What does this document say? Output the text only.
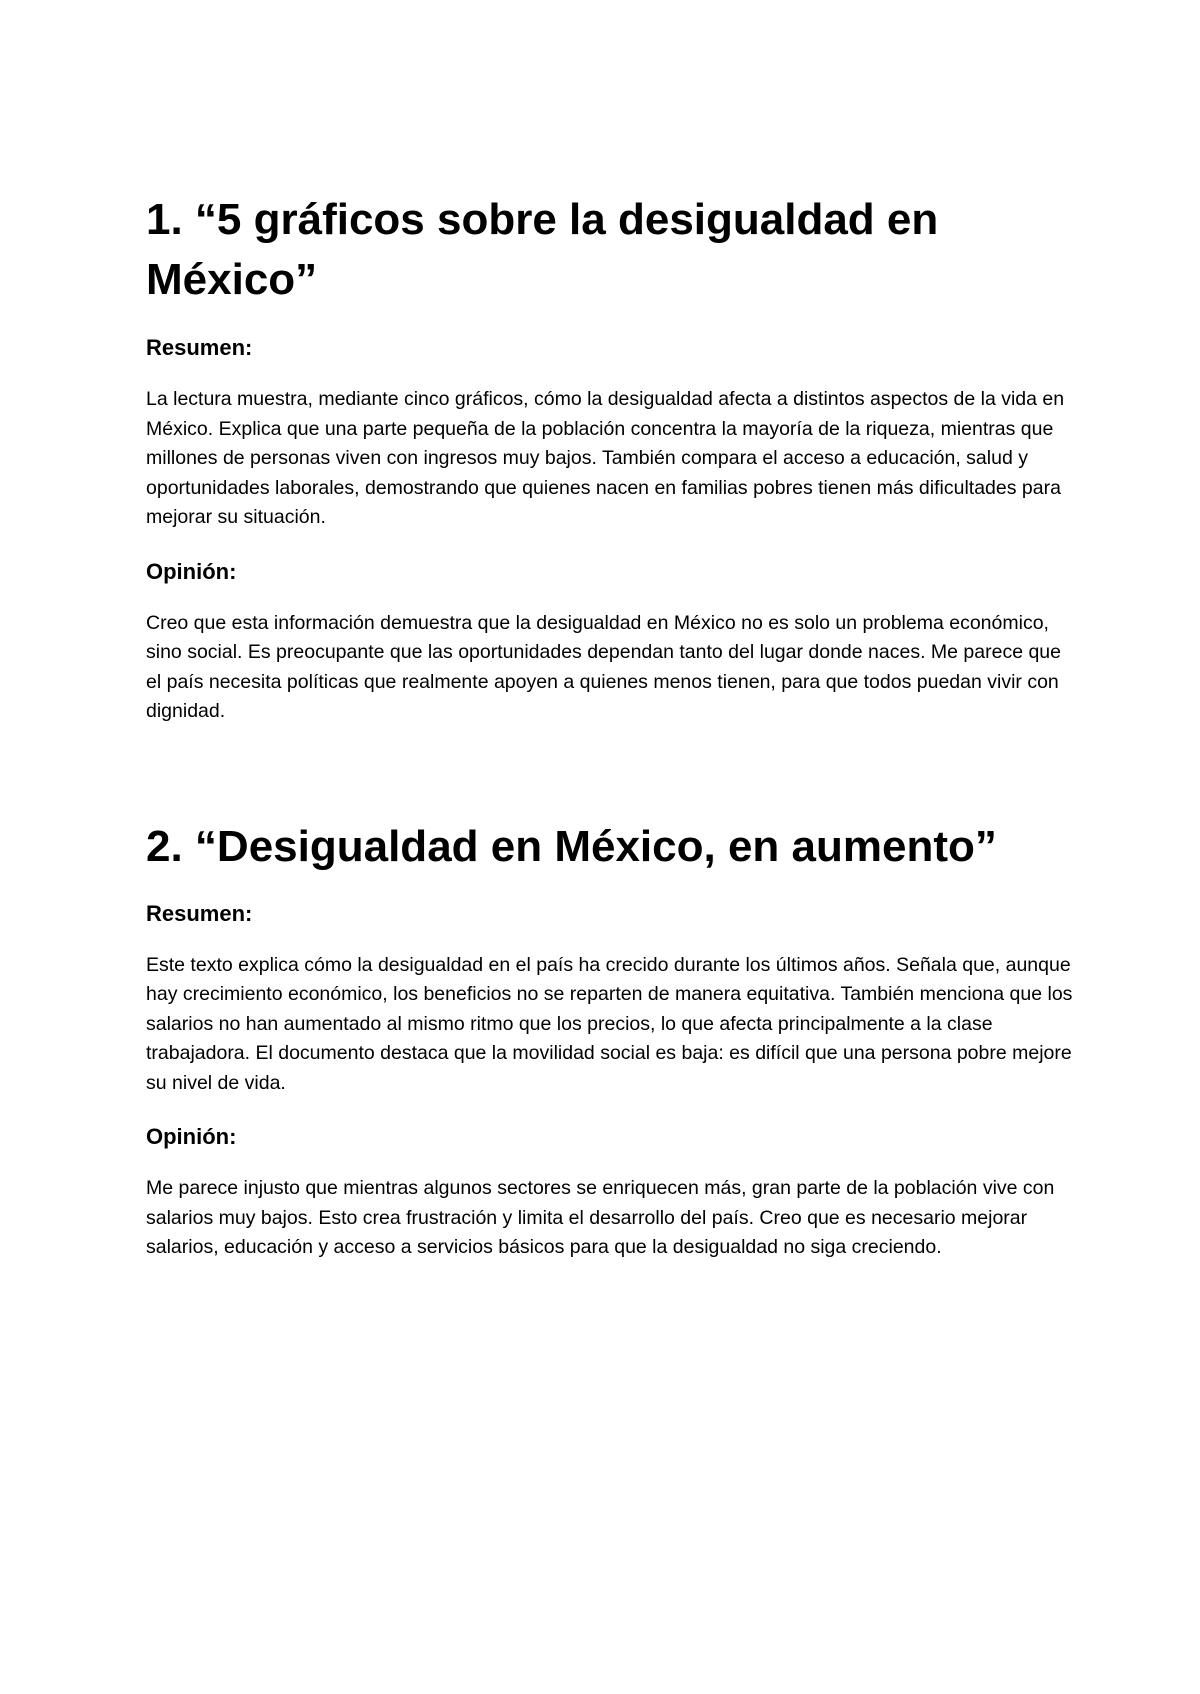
1. “5 gráficos sobre la desigualdad en México”
Resumen:

La lectura muestra, mediante cinco gráficos, cómo la desigualdad afecta a distintos aspectos de la vida en México. Explica que una parte pequeña de la población concentra la mayoría de la riqueza, mientras que millones de personas viven con ingresos muy bajos. También compara el acceso a educación, salud y oportunidades laborales, demostrando que quienes nacen en familias pobres tienen más dificultades para mejorar su situación.

Opinión:

Creo que esta información demuestra que la desigualdad en México no es solo un problema económico, sino social. Es preocupante que las oportunidades dependan tanto del lugar donde naces. Me parece que el país necesita políticas que realmente apoyen a quienes menos tienen, para que todos puedan vivir con dignidad.

2. “Desigualdad en México, en aumento”
Resumen:

Este texto explica cómo la desigualdad en el país ha crecido durante los últimos años. Señala que, aunque hay crecimiento económico, los beneficios no se reparten de manera equitativa. También menciona que los salarios no han aumentado al mismo ritmo que los precios, lo que afecta principalmente a la clase trabajadora. El documento destaca que la movilidad social es baja: es difícil que una persona pobre mejore su nivel de vida.

Opinión:

Me parece injusto que mientras algunos sectores se enriquecen más, gran parte de la población vive con salarios muy bajos. Esto crea frustración y limita el desarrollo del país. Creo que es necesario mejorar salarios, educación y acceso a servicios básicos para que la desigualdad no siga creciendo.
